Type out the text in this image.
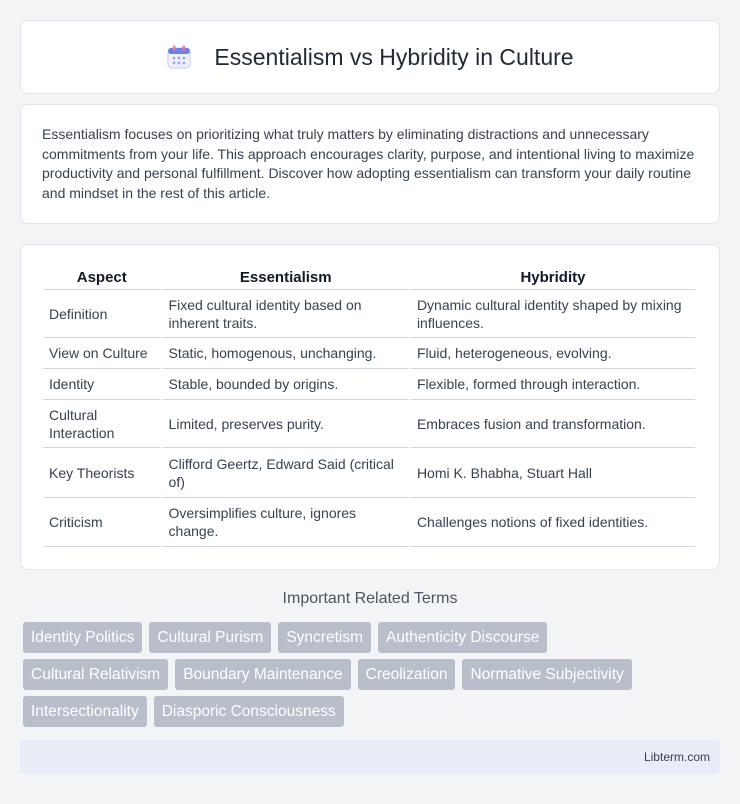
Essentialism vs Hybridity in Culture

Essentialism focuses on prioritizing what truly matters by eliminating distractions and unnecessary commitments from your life. This approach encourages clarity, purpose, and intentional living to maximize productivity and personal fulfillment. Discover how adopting essentialism can transform your daily routine and mindset in the rest of this article.

Aspect	Essentialism	Hybridity
Definition	Fixed cultural identity based on inherent traits.	Dynamic cultural identity shaped by mixing influences.
View on Culture	Static, homogenous, unchanging.	Fluid, heterogeneous, evolving.
Identity	Stable, bounded by origins.	Flexible, formed through interaction.
Cultural Interaction	Limited, preserves purity.	Embraces fusion and transformation.
Key Theorists	Clifford Geertz, Edward Said (critical of)	Homi K. Bhabha, Stuart Hall
Criticism	Oversimplifies culture, ignores change.	Challenges notions of fixed identities.
Important Related Terms
Identity Politics	Cultural Purism	Syncretism	Authenticity Discourse
Cultural Relativism	Boundary Maintenance	Creolization	Normative Subjectivity
Intersectionality	Diasporic Consciousness
Libterm.com
